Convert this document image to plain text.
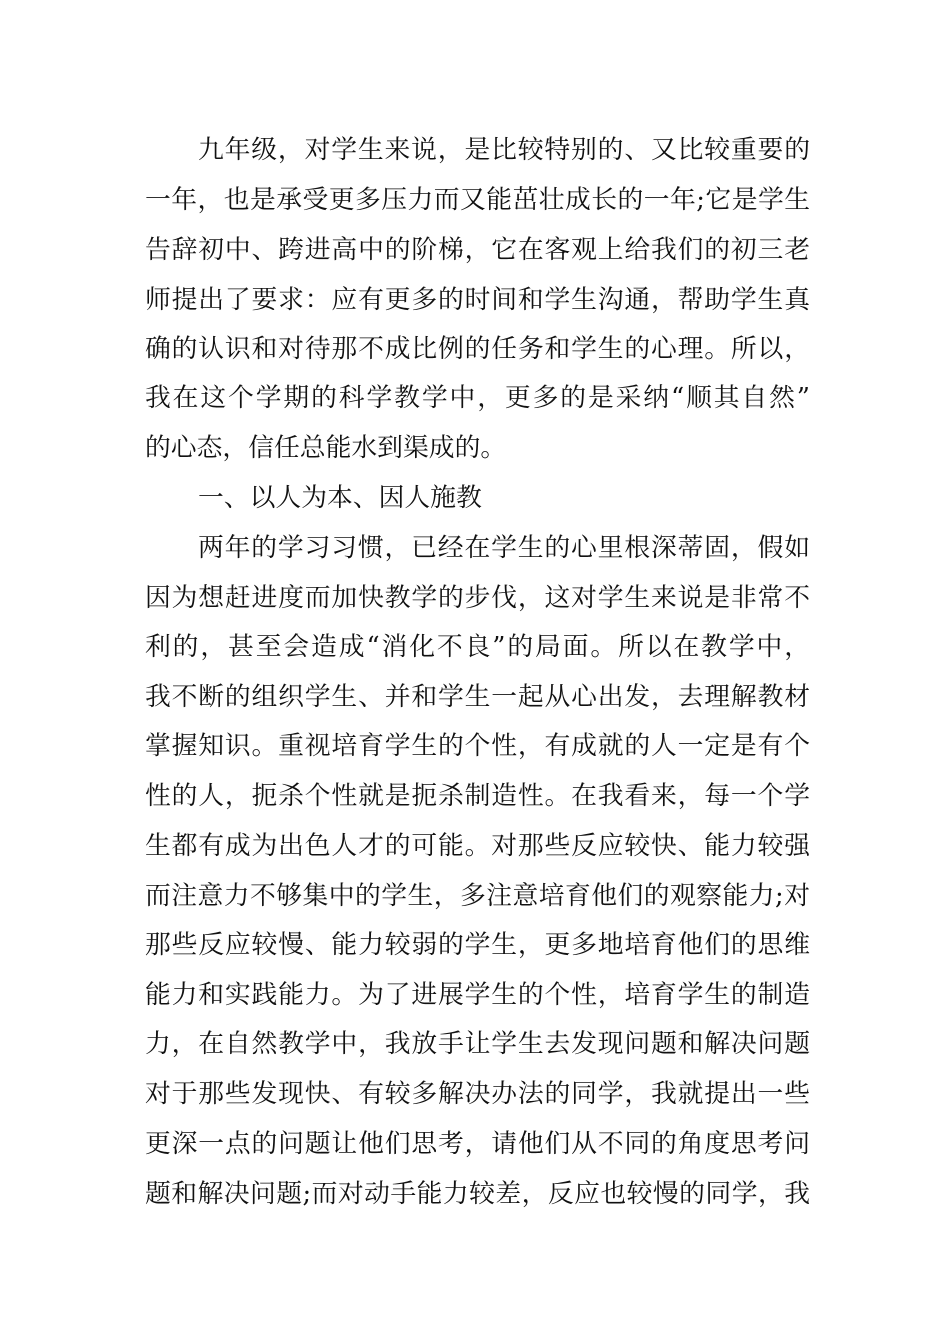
九年级，对学生来说，是比较特别的、又比较重要的
一年，也是承受更多压力而又能茁壮成长的一年;它是学生
告辞初中、跨进高中的阶梯，它在客观上给我们的初三老
师提出了要求：应有更多的时间和学生沟通，帮助学生真
确的认识和对待那不成比例的任务和学生的心理。所以，
我在这个学期的科学教学中，更多的是采纳“顺其自然”
的心态，信任总能水到渠成的。
一、以人为本、因人施教
两年的学习习惯，已经在学生的心里根深蒂固，假如
因为想赶进度而加快教学的步伐，这对学生来说是非常不
利的，甚至会造成“消化不良”的局面。所以在教学中，
我不断的组织学生、并和学生一起从心出发，去理解教材
掌握知识。重视培育学生的个性，有成就的人一定是有个
性的人，扼杀个性就是扼杀制造性。在我看来，每一个学
生都有成为出色人才的可能。对那些反应较快、能力较强
而注意力不够集中的学生，多注意培育他们的观察能力;对
那些反应较慢、能力较弱的学生，更多地培育他们的思维
能力和实践能力。为了进展学生的个性，培育学生的制造
力，在自然教学中，我放手让学生去发现问题和解决问题
对于那些发现快、有较多解决办法的同学，我就提出一些
更深一点的问题让他们思考，请他们从不同的角度思考问
题和解决问题;而对动手能力较差，反应也较慢的同学，我
